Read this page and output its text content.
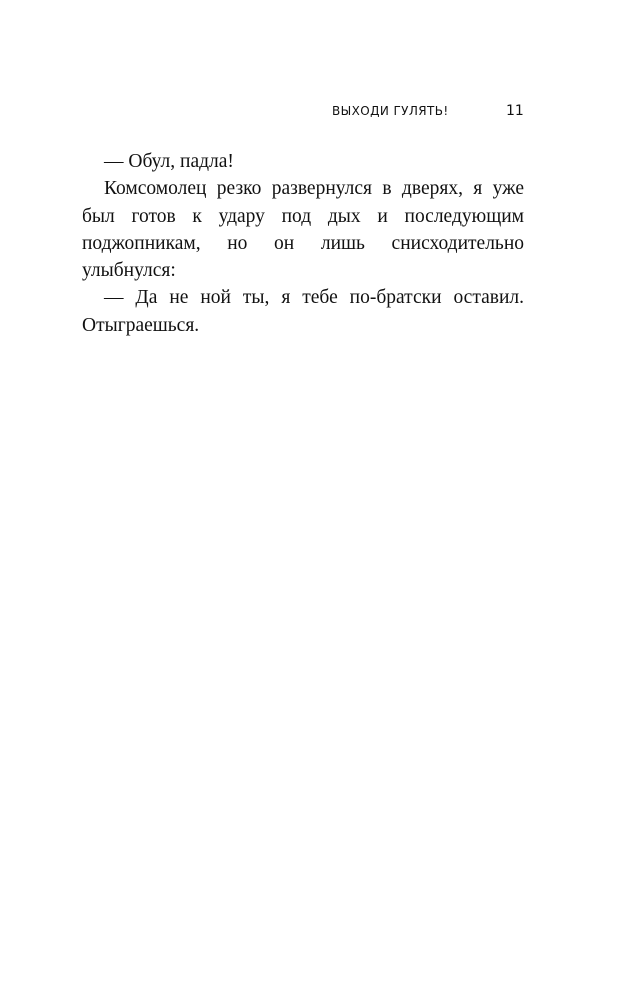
ВЫХОДИ ГУЛЯТЬ!	11

— Обул, падла!

Комсомолец резко развернулся в дверях, я уже был готов к удару под дых и последующим поджопникам, но он лишь снисходительно улыбнулся:

— Да не ной ты, я тебе по-братски оставил. Отыграешься.
